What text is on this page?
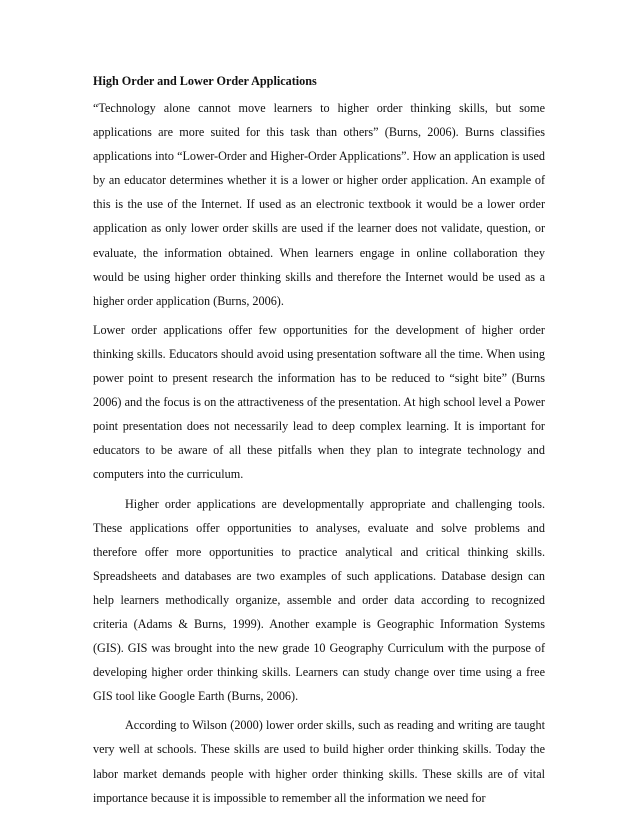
High Order and Lower Order Applications

“Technology alone cannot move learners to higher order thinking skills, but some applications are more suited for this task than others” (Burns, 2006). Burns classifies applications into “Lower-Order and Higher-Order Applications”. How an application is used by an educator determines whether it is a lower or higher order application. An example of this is the use of the Internet. If used as an electronic textbook it would be a lower order application as only lower order skills are used if the learner does not validate, question, or evaluate, the information obtained. When learners engage in online collaboration they would be using higher order thinking skills and therefore the Internet would be used as a higher order application (Burns, 2006).

Lower order applications offer few opportunities for the development of higher order thinking skills. Educators should avoid using presentation software all the time. When using power point to present research the information has to be reduced to “sight bite” (Burns 2006) and the focus is on the attractiveness of the presentation. At high school level a Power point presentation does not necessarily lead to deep complex learning. It is important for educators to be aware of all these pitfalls when they plan to integrate technology and computers into the curriculum.

Higher order applications are developmentally appropriate and challenging tools. These applications offer opportunities to analyses, evaluate and solve problems and therefore offer more opportunities to practice analytical and critical thinking skills. Spreadsheets and databases are two examples of such applications. Database design can help learners methodically organize, assemble and order data according to recognized criteria (Adams & Burns, 1999). Another example is Geographic Information Systems (GIS). GIS was brought into the new grade 10 Geography Curriculum with the purpose of developing higher order thinking skills. Learners can study change over time using a free GIS tool like Google Earth (Burns, 2006).

According to Wilson (2000) lower order skills, such as reading and writing are taught very well at schools. These skills are used to build higher order thinking skills. Today the labor market demands people with higher order thinking skills. These skills are of vital importance because it is impossible to remember all the information we need for
